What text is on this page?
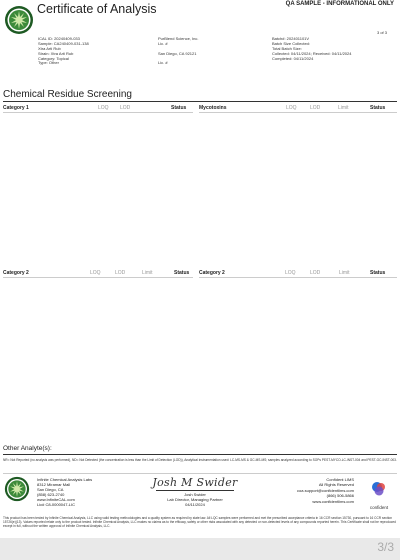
Certificate of Analysis	QA SAMPLE - INFORMATIONAL ONLY
3 of 3
ICAL ID: 20240409-033
Sample: CA240409-031-138
Xtra Arti Rub
Strain: Xtra Arti Rub
Category: Topical
Type: Other
PurBlend Science, Inc.
Lic. #
San Diego, CA 92121
Lic. #
Batch#: 202401101V
Batch Size Collected:
Total Batch Size:
Collected: 04/11/2024; Received: 04/11/2024
Completed: 04/11/2024
Chemical Residue Screening
Category 1	LOQ LOD	Status	Mycotoxins	LOQ	LOD	Limit	Status
Category 2	LOQ	LOD	Limit	Status Category 2	LOQ	LOD	Limit	Status
Other Analyte(s):
NR= Not Reported (no analysis was performed), ND= Not Detected (the concentration is less than the Limit of Detection (LOD)), Analytical instrumentation used: LC-MS-MS & GC-MS-MS; samples analyzed according to SOPs PEST-MYCO-LC-INST-004 and PEST-GC-INST-003.
Infinite Chemical Analysis Labs
8312 Miramar Mall
San Diego, CA
(858) 623-2740
www.InfiniteCAL.com
Lic# C8-0000047-LIC
Josh M Swider
Josh Swider
Lab Director, Managing Partner
04/11/2024
Confident LIMS
All Rights Reserved
coa.support@confidentlims.com
(866) 506-5866
www.confidentlims.com
confident
This product has been tested by Infinite Chemical Analysis, LLC using valid testing methodologies and a quality system as required by state law. All LQC samples were performed and met the prescribed acceptance criteria in 16 CCR section 15730, pursuant to 16 CCR section 15726(e)(13). Values reported relate only to the product tested. Infinite Chemical Analysis, LLC makes no claims as to the efficacy, safety or other risks associated with any detected or non-detected levels of any compounds reported herein. This Certificate shall not be reproduced except in full, without the written approval of Infinite Chemical Analysis, LLC.
3/3
